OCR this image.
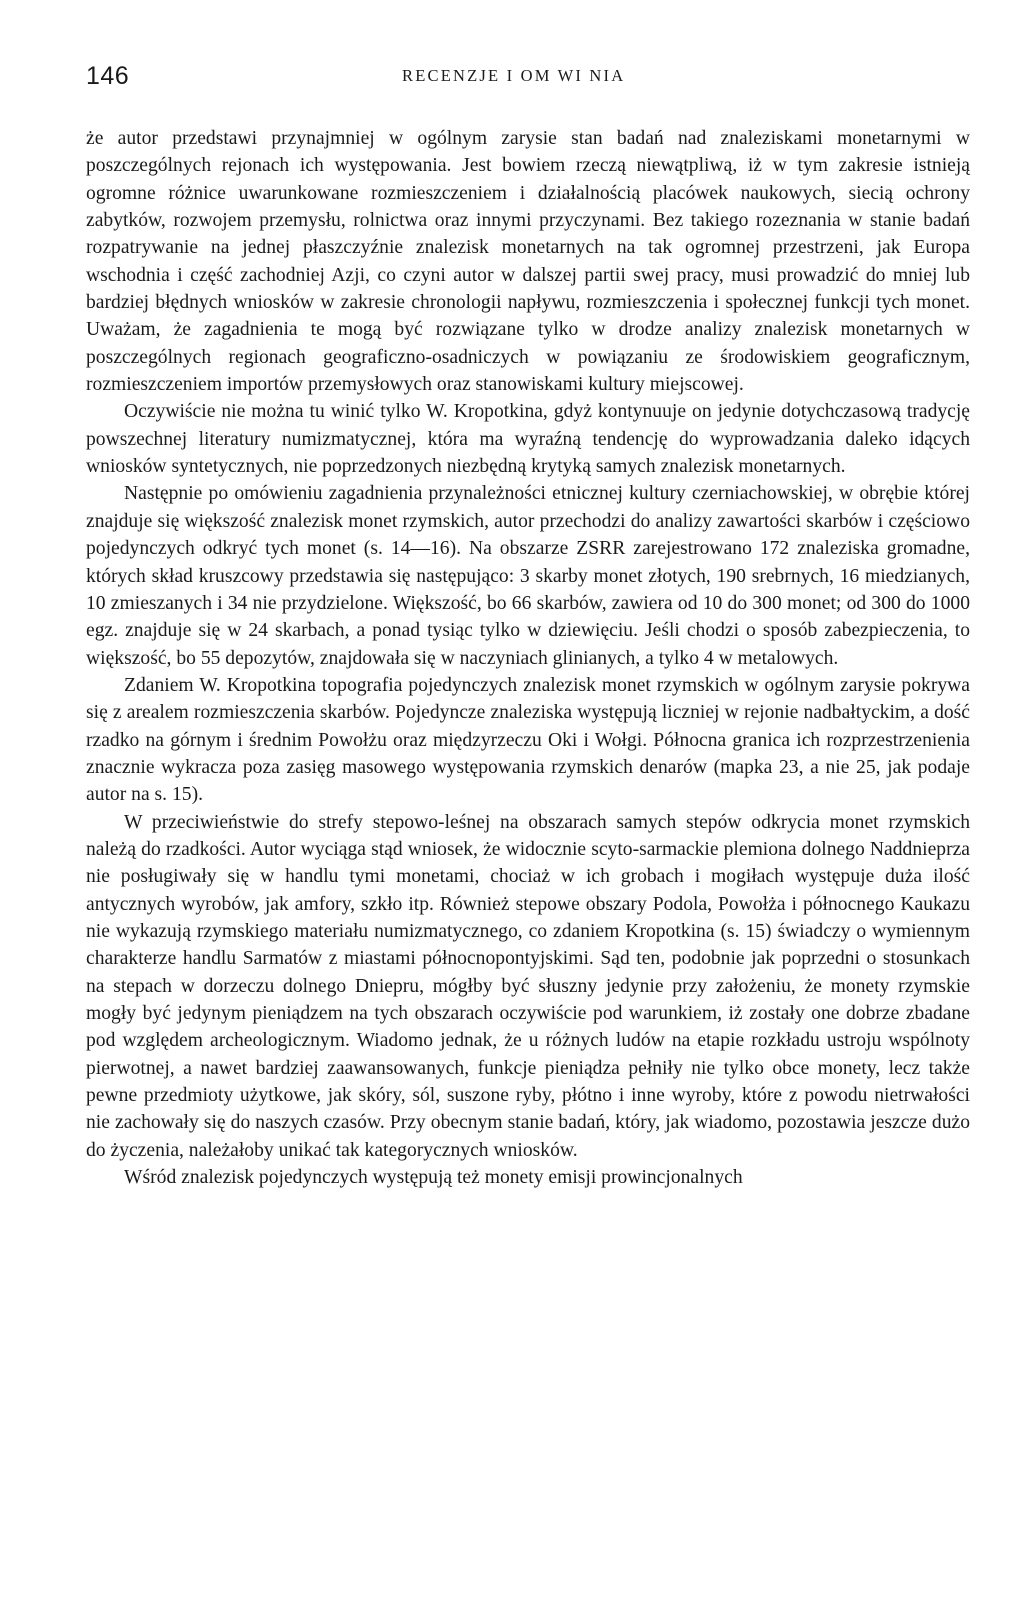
146	RECENZJE I OM WI NIA

że autor przedstawi przynajmniej w ogólnym zarysie stan badań nad znaleziskami monetarnymi w poszczególnych rejonach ich występowania. Jest bowiem rzeczą niewątpliwą, iż w tym zakresie istnieją ogromne różnice uwarunkowane rozmieszczeniem i działalnością placówek naukowych, siecią ochrony zabytków, rozwojem przemysłu, rolnictwa oraz innymi przyczynami. Bez takiego rozeznania w stanie badań rozpatrywanie na jednej płaszczyźnie znalezisk monetarnych na tak ogromnej przestrzeni, jak Europa wschodnia i część zachodniej Azji, co czyni autor w dalszej partii swej pracy, musi prowadzić do mniej lub bardziej błędnych wniosków w zakresie chronologii napływu, rozmieszczenia i społecznej funkcji tych monet. Uważam, że zagadnienia te mogą być rozwiązane tylko w drodze analizy znalezisk monetarnych w poszczególnych regionach geograficzno-osadniczych w powiązaniu ze środowiskiem geograficznym, rozmieszczeniem importów przemysłowych oraz stanowiskami kultury miejscowej.

Oczywiście nie można tu winić tylko W. Kropotkina, gdyż kontynuuje on jedynie dotychczasową tradycję powszechnej literatury numizmatycznej, która ma wyraźną tendencję do wyprowadzania daleko idących wniosków syntetycznych, nie poprzedzonych niezbędną krytyką samych znalezisk monetarnych.

Następnie po omówieniu zagadnienia przynależności etnicznej kultury czerniachowskiej, w obrębie której znajduje się większość znalezisk monet rzymskich, autor przechodzi do analizy zawartości skarbów i częściowo pojedynczych odkryć tych monet (s. 14—16). Na obszarze ZSRR zarejestrowano 172 znaleziska gromadne, których skład kruszcowy przedstawia się następująco: 3 skarby monet złotych, 190 srebrnych, 16 miedzianych, 10 zmieszanych i 34 nie przydzielone. Większość, bo 66 skarbów, zawiera od 10 do 300 monet; od 300 do 1000 egz. znajduje się w 24 skarbach, a ponad tysiąc tylko w dziewięciu. Jeśli chodzi o sposób zabezpieczenia, to większość, bo 55 depozytów, znajdowała się w naczyniach glinianych, a tylko 4 w metalowych.

Zdaniem W. Kropotkina topografia pojedynczych znalezisk monet rzymskich w ogólnym zarysie pokrywa się z arealem rozmieszczenia skarbów. Pojedyncze znaleziska występują liczniej w rejonie nadbałtyckim, a dość rzadko na górnym i średnim Powołżu oraz międzyrzeczu Oki i Wołgi. Północna granica ich rozprzestrzenienia znacznie wykracza poza zasięg masowego występowania rzymskich denarów (mapka 23, a nie 25, jak podaje autor na s. 15).

W przeciwieństwie do strefy stepowo-leśnej na obszarach samych stepów odkrycia monet rzymskich należą do rzadkości. Autor wyciąga stąd wniosek, że widocznie scyto-sarmackie plemiona dolnego Naddnieprza nie posługiwały się w handlu tymi monetami, chociaż w ich grobach i mogiłach występuje duża ilość antycznych wyrobów, jak amfory, szkło itp. Również stepowe obszary Podola, Powołża i północnego Kaukazu nie wykazują rzymskiego materiału numizmatycznego, co zdaniem Kropotkina (s. 15) świadczy o wymiennym charakterze handlu Sarmatów z miastami północnopontyjskimi. Sąd ten, podobnie jak poprzedni o stosunkach na stepach w dorzeczu dolnego Dniepru, mógłby być słuszny jedynie przy założeniu, że monety rzymskie mogły być jedynym pieniądzem na tych obszarach oczywiście pod warunkiem, iż zostały one dobrze zbadane pod względem archeologicznym. Wiadomo jednak, że u różnych ludów na etapie rozkładu ustroju wspólnoty pierwotnej, a nawet bardziej zaawansowanych, funkcje pieniądza pełniły nie tylko obce monety, lecz także pewne przedmioty użytkowe, jak skóry, sól, suszone ryby, płótno i inne wyroby, które z powodu nietrwałości nie zachowały się do naszych czasów. Przy obecnym stanie badań, który, jak wiadomo, pozostawia jeszcze dużo do życzenia, należałoby unikać tak kategorycznych wniosków.

Wśród znalezisk pojedynczych występują też monety emisji prowincjonalnych
